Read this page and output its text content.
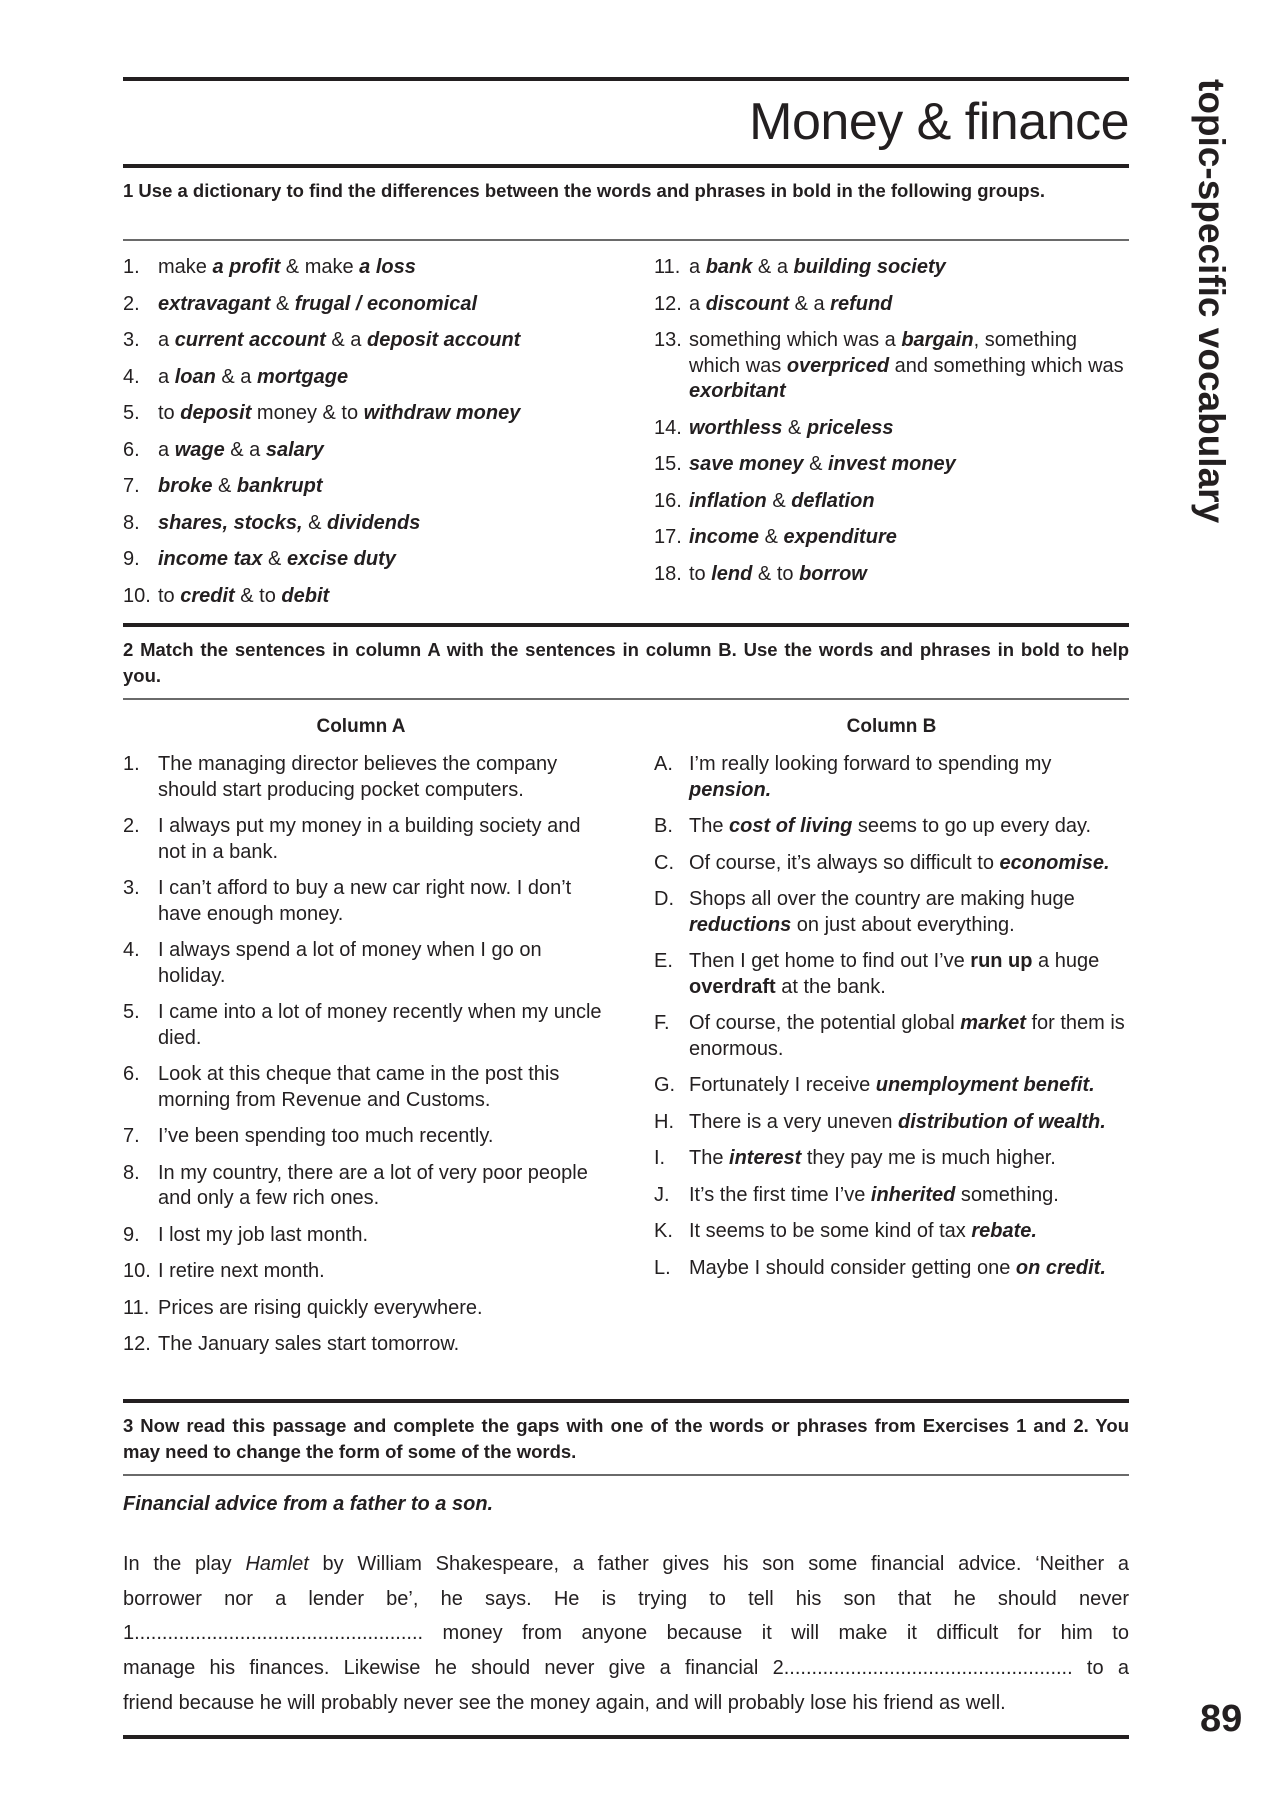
Money & finance topic-specific vocabulary
1 Use a dictionary to find the differences between the words and phrases in bold in the following groups.
1. make a profit & make a loss
2. extravagant & frugal / economical
3. a current account & a deposit account
4. a loan & a mortgage
5. to deposit money & to withdraw money
6. a wage & a salary
7. broke & bankrupt
8. shares, stocks, & dividends
9. income tax & excise duty
10. to credit & to debit
11. a bank & a building society
12. a discount & a refund
13. something which was a bargain, something which was overpriced and something which was exorbitant
14. worthless & priceless
15. save money & invest money
16. inflation & deflation
17. income & expenditure
18. to lend & to borrow
2 Match the sentences in column A with the sentences in column B. Use the words and phrases in bold to help you.
Column A	Column B
1. The managing director believes the company should start producing pocket computers.
2. I always put my money in a building society and not in a bank.
3. I can’t afford to buy a new car right now. I don’t have enough money.
4. I always spend a lot of money when I go on holiday.
5. I came into a lot of money recently when my uncle died.
6. Look at this cheque that came in the post this morning from Revenue and Customs.
7. I’ve been spending too much recently.
8. In my country, there are a lot of very poor people and only a few rich ones.
9. I lost my job last month.
10. I retire next month.
11. Prices are rising quickly everywhere.
12. The January sales start tomorrow.
A. I’m really looking forward to spending my pension.
B. The cost of living seems to go up every day.
C. Of course, it’s always so difficult to economise.
D. Shops all over the country are making huge reductions on just about everything.
E. Then I get home to find out I’ve run up a huge overdraft at the bank.
F. Of course, the potential global market for them is enormous.
G. Fortunately I receive unemployment benefit.
H. There is a very uneven distribution of wealth.
I.	The interest they pay me is much higher.
J. It’s the first time I’ve inherited something.
K. It seems to be some kind of tax rebate.
L. Maybe I should consider getting one on credit.
3 Now read this passage and complete the gaps with one of the words or phrases from Exercises 1 and 2. You may need to change the form of some of the words.
Financial advice from a father to a son.
In the play Hamlet by William Shakespeare, a father gives his son some financial advice. ‘Neither a
borrower nor a lender be’, he says. He is trying to tell his son that he should never
1.................................................... money from anyone because it will make it difficult for him to
manage his finances. Likewise he should never give a financial 2.................................................... to a
friend because he will probably never see the money again, and will probably lose his friend as well.	89
